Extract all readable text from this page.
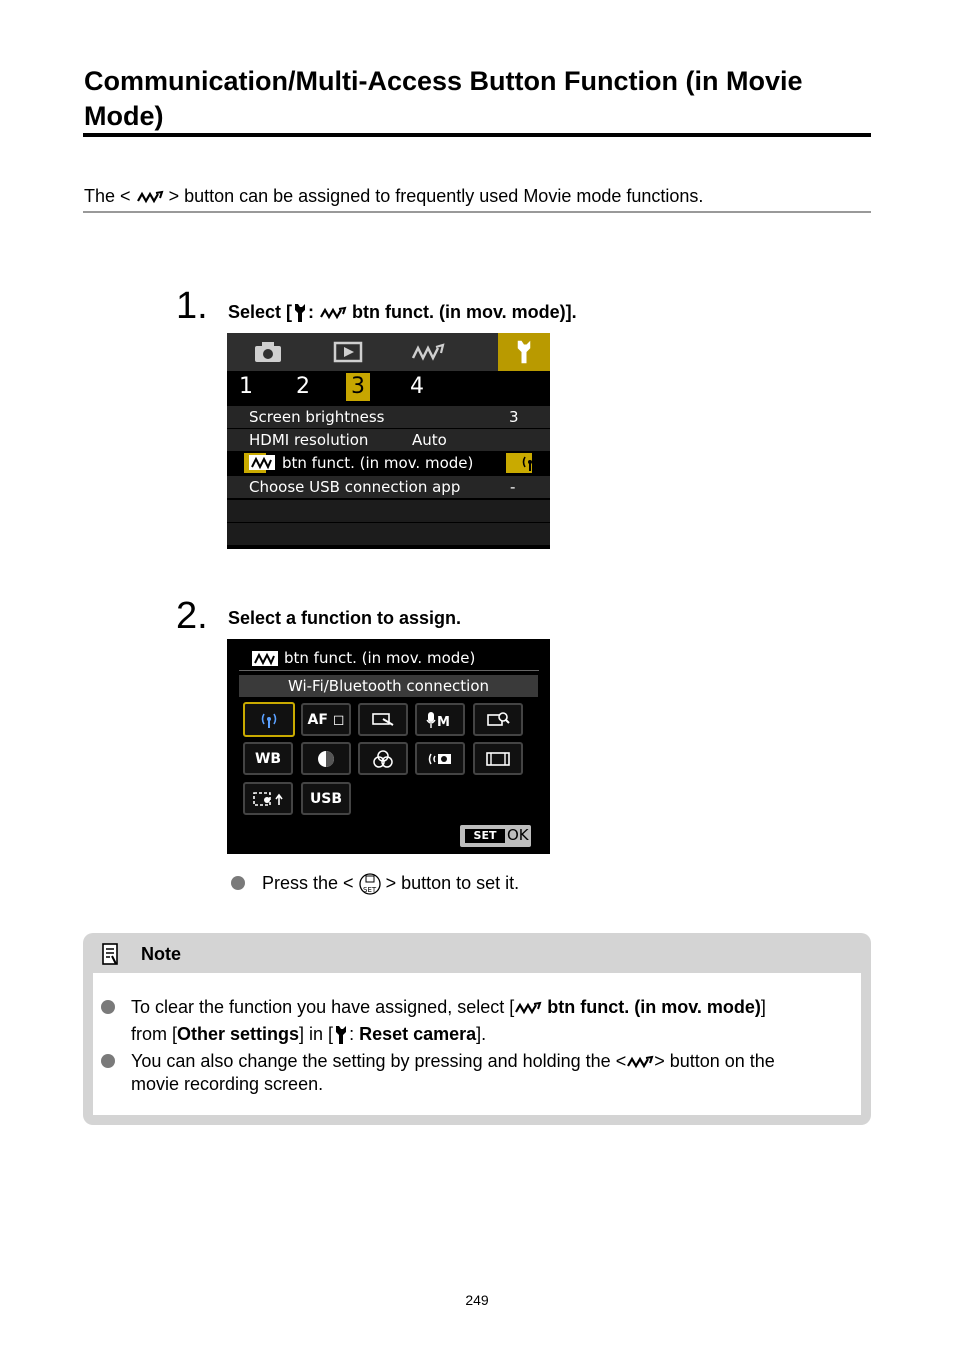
Communication/Multi-Access Button Function (in Movie Mode)
The < > button can be assigned to frequently used Movie mode functions.
1. Select [ :  btn funct. (in mov. mode)].
1 2 3 4
Screen brightness	3
HDMI resolution	Auto
btn funct. (in mov. mode)
Choose USB connection app	-
2. Select a function to assign.
btn funct. (in mov. mode)
Wi-Fi/Bluetooth connection
AF ◻	M
WB
USB
SET OK
Press the < SET > button to set it.
Note
To clear the function you have assigned, select [ btn funct. (in mov. mode)]
from [Other settings] in [ : Reset camera].
You can also change the setting by pressing and holding the < > button on the
movie recording screen.
249
